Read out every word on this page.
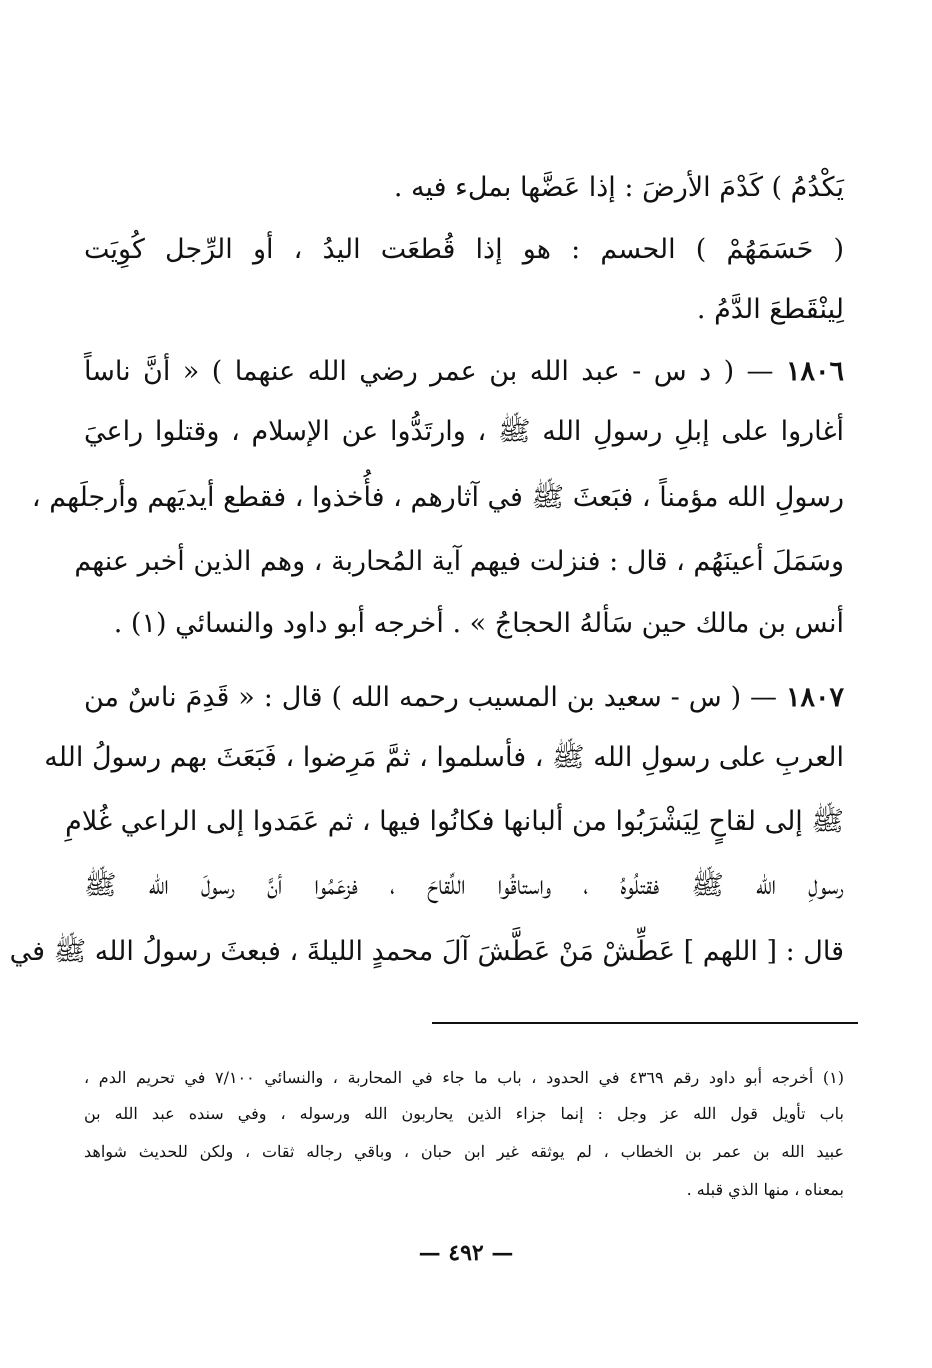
يَكْدُمُ ) كَدْمَ الأرضَ : إذا عَضَّها بملء فيه .
( حَسَمَهُمْ ) الحسم : هو إذا قُطعَت اليدُ ، أو الرِّجل كُوِيَت
لِينْقَطعَ الدَّمُ .
١٨٠٦ — ( د س - عبد الله بن عمر رضي الله عنهما ) « أنَّ ناساً
أغاروا على إبلِ رسولِ الله ﷺ ، وارتَدُّوا عن الإسلام ، وقتلوا راعيَ
رسولِ الله مؤمناً ، فبَعثَ ﷺ في آثارهم ، فأُخذوا ، فقطع أيديَهم وأرجلَهم ،
وسَمَلَ أعينَهُم ، قال : فنزلت فيهم آية المُحاربة ، وهم الذين أخبر عنهم
أنس بن مالك حين سَألهُ الحجاجُ » . أخرجه أبو داود والنسائي (١) .
١٨٠٧ — ( س - سعيد بن المسيب رحمه الله ) قال : « قَدِمَ ناسٌ من
العربِ على رسولِ الله ﷺ ، فأسلموا ، ثمَّ مَرِضوا ، فَبَعَثَ بهم رسولُ الله
ﷺ إلى لقاحٍ لِيَشْرَبُوا من ألبانها فكانُوا فيها ، ثم عَمَدوا إلى الراعي غُلامِ
رسولِ الله ﷺ فقتلُوهُ ، واستاقُوا اللِّقاحَ ، فزعَمُوا أنَّ رسولَ الله ﷺ
قال : [ اللهم ] عَطِّشْ مَنْ عَطَّشَ آلَ محمدٍ الليلةَ ، فبعثَ رسولُ الله ﷺ في
(١) أخرجه أبو داود رقم ٤٣٦٩ في الحدود ، باب ما جاء في المحاربة ، والنسائي ٧/١٠٠ في تحريم الدم ،
باب تأويل قول الله عز وجل : إنما جزاء الذين يحاربون الله ورسوله ، وفي سنده عبد الله بن
عبيد الله بن عمر بن الخطاب ، لم يوثقه غير ابن حبان ، وباقي رجاله ثقات ، ولكن للحديث شواهد
بمعناه ، منها الذي قبله .
— ٤٩٢ —
